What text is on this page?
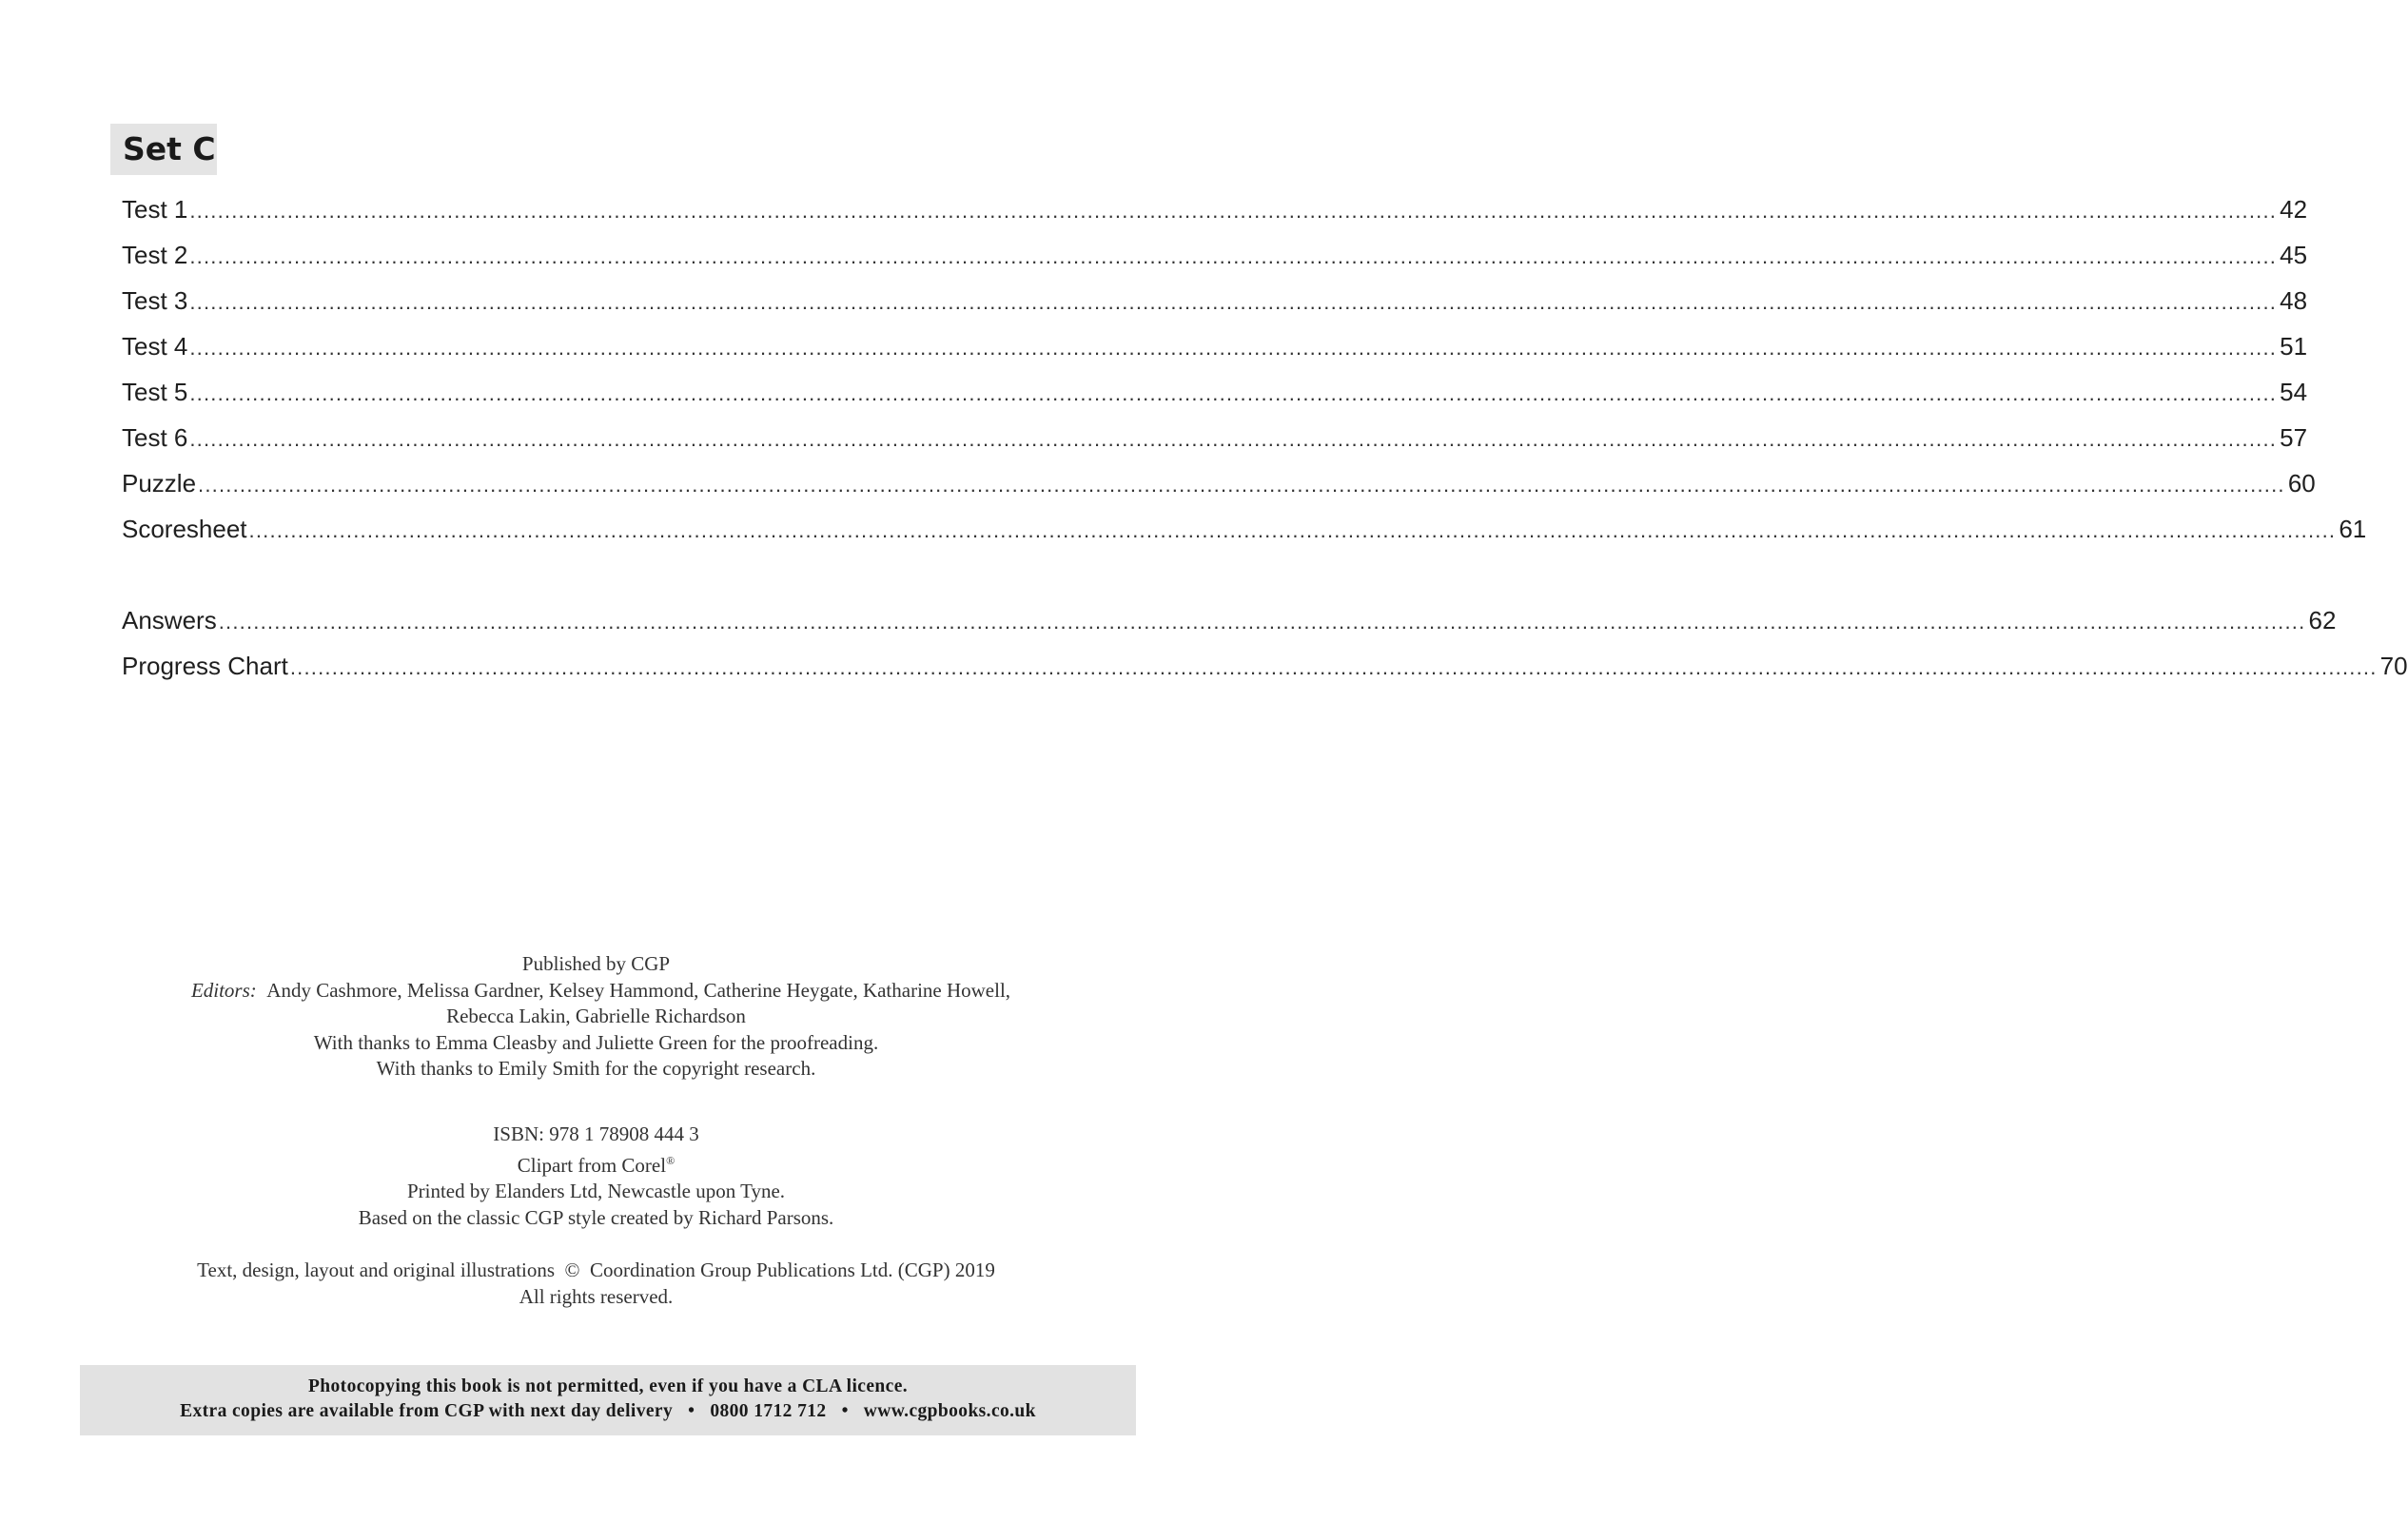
Set C
Test 1 ............................................................................................................................................................................................................................................................................................................ 42
Test 2 ............................................................................................................................................................................................................................................................................................................ 45
Test 3 ............................................................................................................................................................................................................................................................................................................ 48
Test 4 ............................................................................................................................................................................................................................................................................................................ 51
Test 5 ............................................................................................................................................................................................................................................................................................................ 54
Test 6 ............................................................................................................................................................................................................................................................................................................ 57
Puzzle ............................................................................................................................................................................................................................................................................................................ 60
Scoresheet ............................................................................................................................................................................................................................................................................................................ 61
Answers ............................................................................................................................................................................................................................................................................................................ 62
Progress Chart ............................................................................................................................................................................................................................................................................................................ 70

Published by CGP

Editors: Andy Cashmore, Melissa Gardner, Kelsey Hammond, Catherine Heygate, Katharine Howell,

Rebecca Lakin, Gabrielle Richardson

With thanks to Emma Cleasby and Juliette Green for the proofreading.

With thanks to Emily Smith for the copyright research.

ISBN: 978 1 78908 444 3

Clipart from Corel®

Printed by Elanders Ltd, Newcastle upon Tyne.

Based on the classic CGP style created by Richard Parsons.

Text, design, layout and original illustrations  ©  Coordination Group Publications Ltd. (CGP) 2019

All rights reserved.

Photocopying this book is not permitted, even if you have a CLA licence.

Extra copies are available from CGP with next day delivery • 0800 1712 712 • www.cgpbooks.co.uk
